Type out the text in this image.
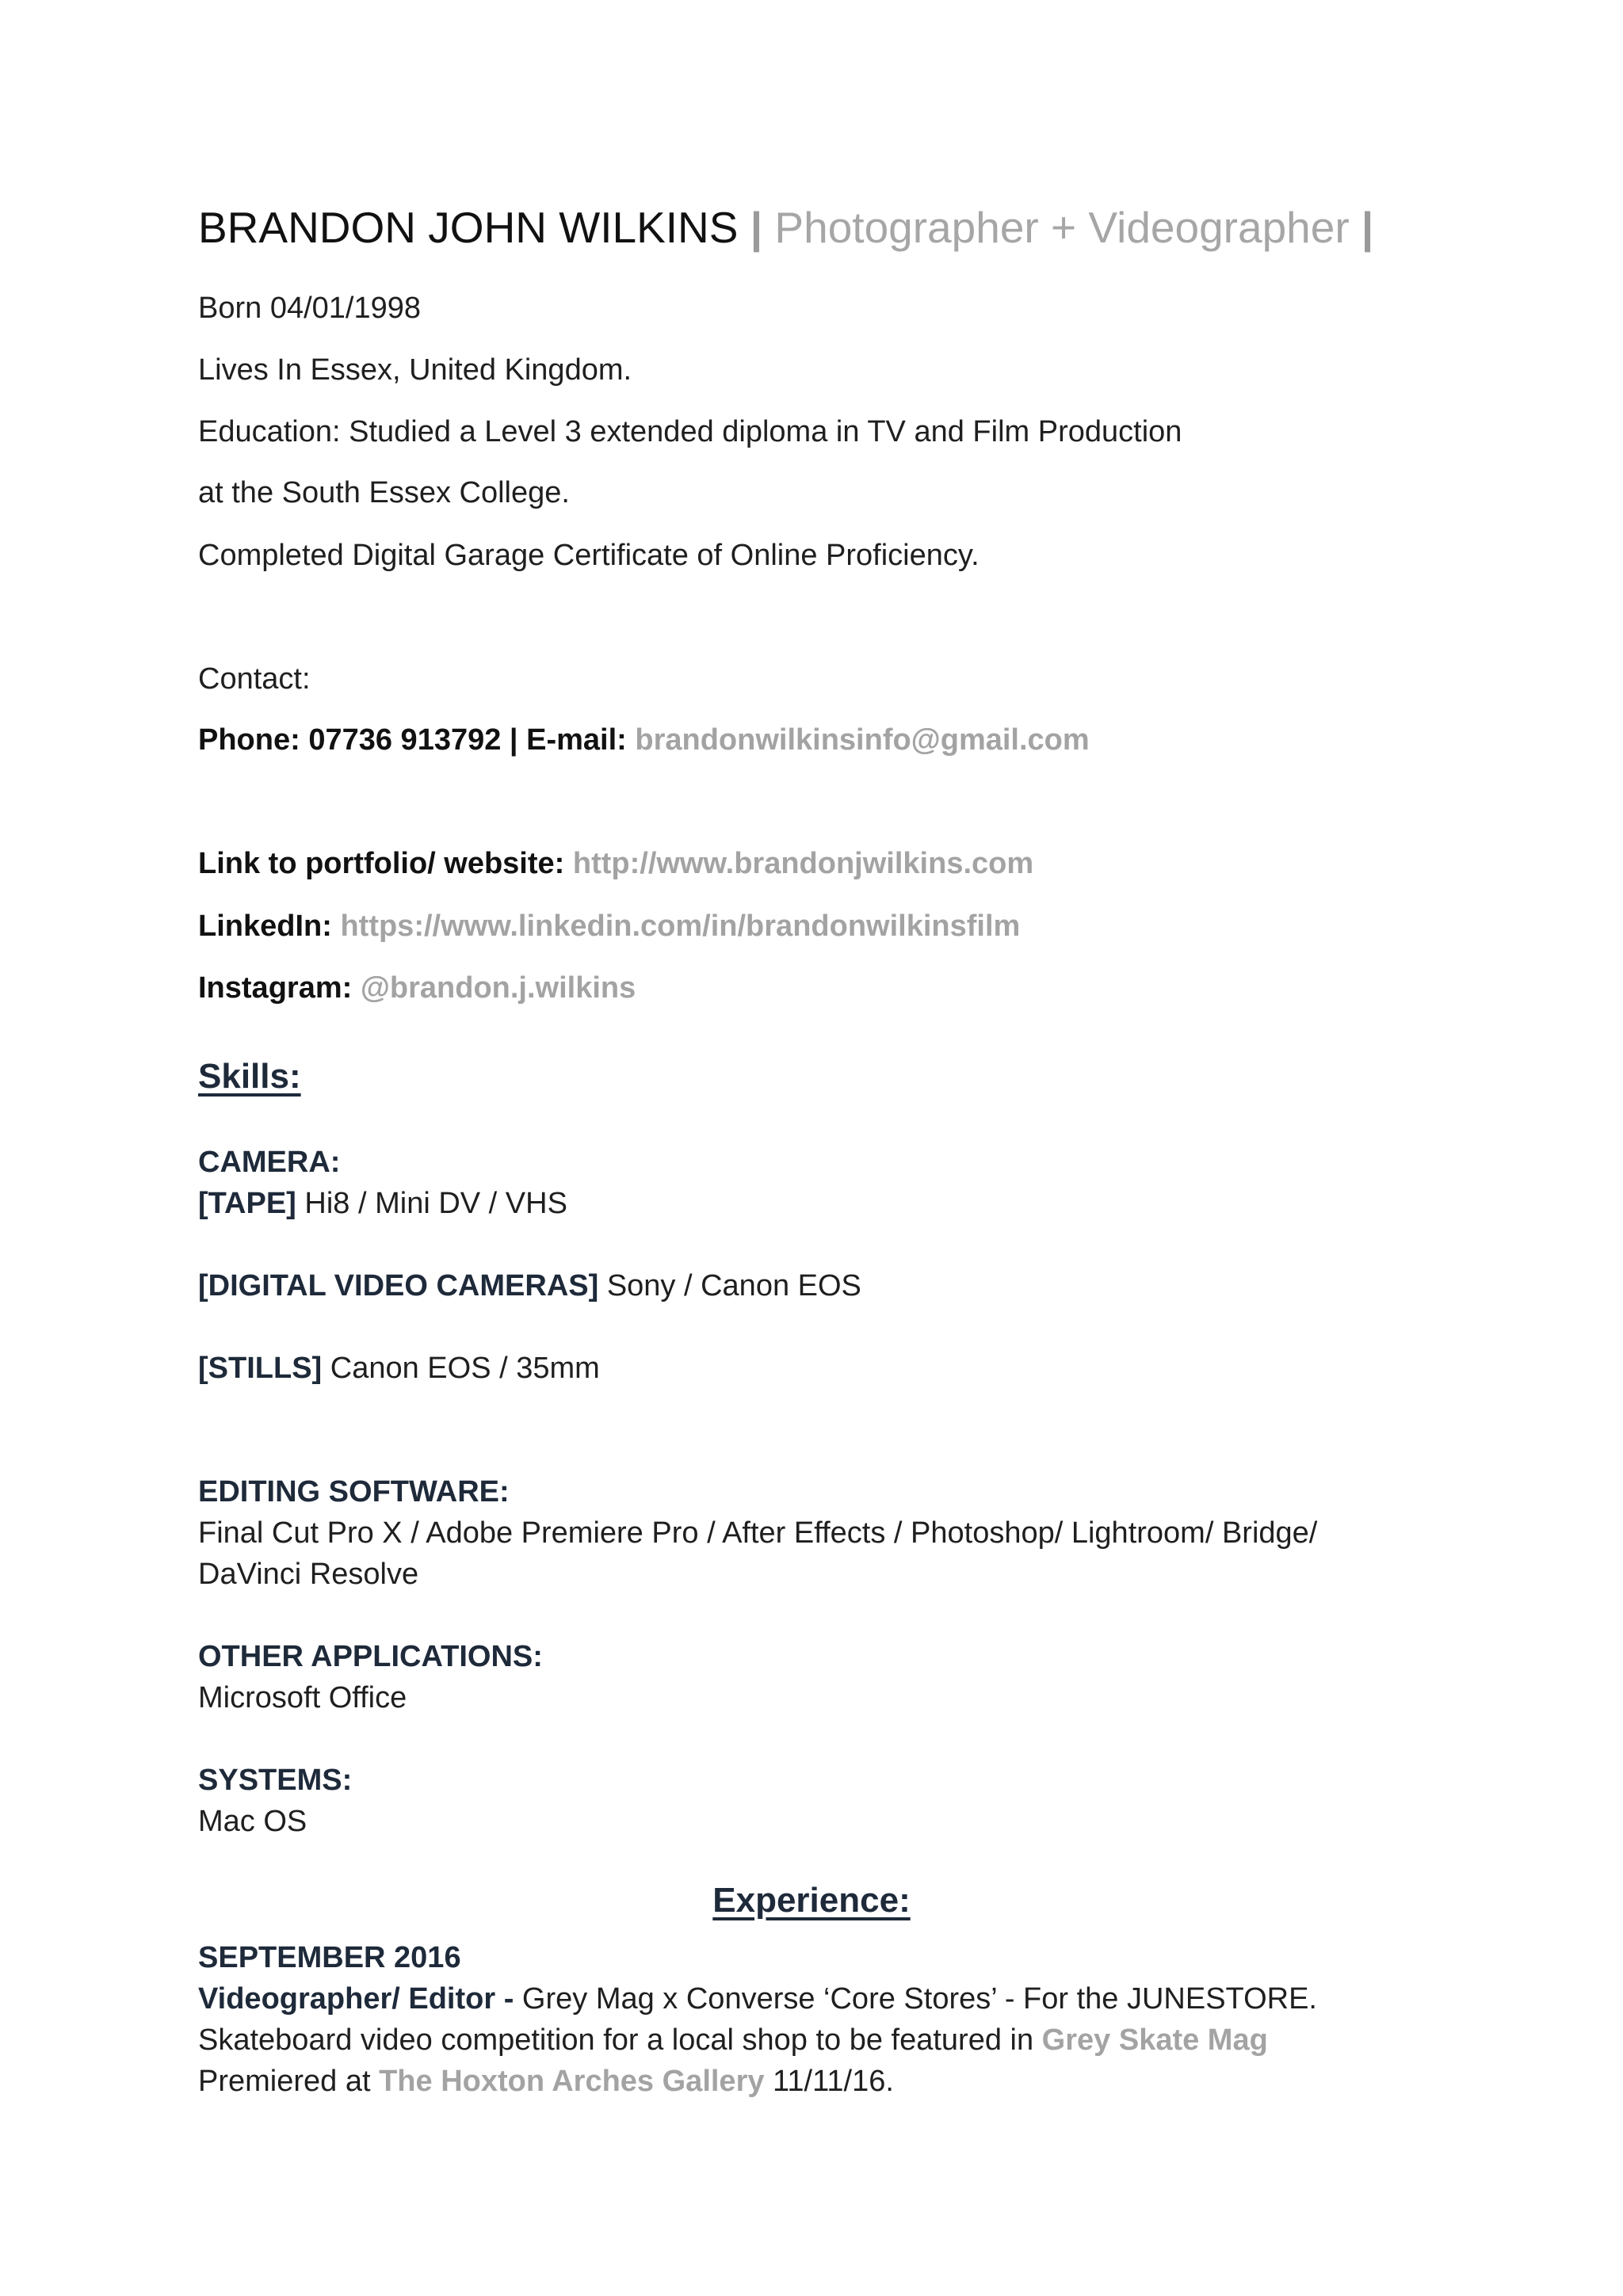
BRANDON JOHN WILKINS | Photographer + Videographer |
Born 04/01/1998
Lives In Essex, United Kingdom.
Education: Studied a Level 3 extended diploma in TV and Film Production
at the South Essex College.
Completed Digital Garage Certificate of Online Proficiency.
Contact:
Phone: 07736 913792 | E-mail: brandonwilkinsinfo@gmail.com
Link to portfolio/ website: http://www.brandonjwilkins.com
LinkedIn: https://www.linkedin.com/in/brandonwilkinsfilm
Instagram: @brandon.j.wilkins
Skills:
CAMERA:
[TAPE] Hi8 / Mini DV / VHS
[DIGITAL VIDEO CAMERAS] Sony / Canon EOS
[STILLS] Canon EOS / 35mm
EDITING SOFTWARE:
Final Cut Pro X / Adobe Premiere Pro / After Effects / Photoshop/ Lightroom/ Bridge/
DaVinci Resolve
OTHER APPLICATIONS:
Microsoft Office
SYSTEMS:
Mac OS
Experience:
SEPTEMBER 2016
Videographer/ Editor - Grey Mag x Converse ‘Core Stores’ - For the JUNESTORE.
Skateboard video competition for a local shop to be featured in Grey Skate Mag
Premiered at The Hoxton Arches Gallery 11/11/16.
